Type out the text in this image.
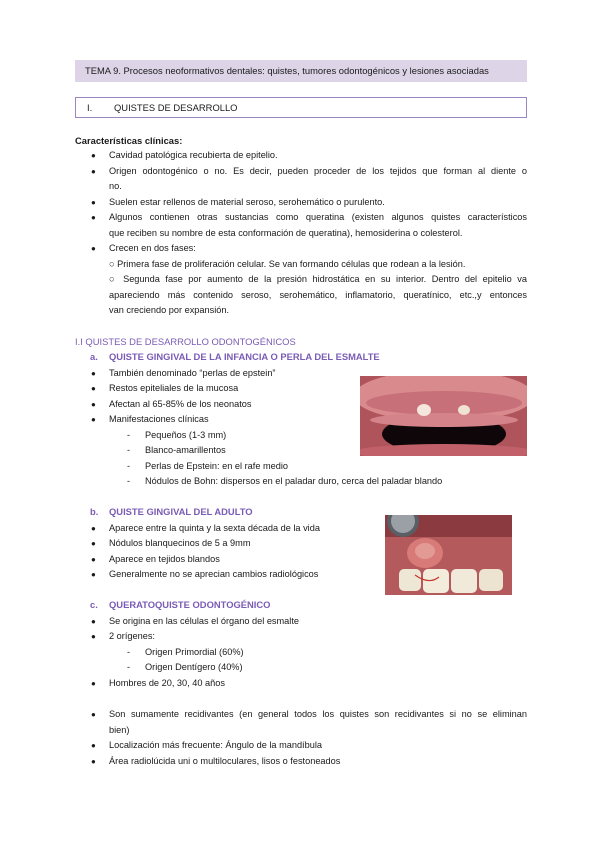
TEMA 9. Procesos neoformativos dentales: quistes, tumores odontogénicos y lesiones asociadas
I. QUISTES DE DESARROLLO
Características clínicas:
● Cavidad patológica recubierta de epitelio.
● Origen odontogénico o no. Es decir, pueden proceder de los tejidos que forman al diente o
no.
● Suelen estar rellenos de material seroso, serohemático o purulento.
● Algunos contienen otras sustancias como queratina (existen algunos quistes característicos
que reciben su nombre de esta conformación de queratina), hemosiderina o colesterol.
● Crecen en dos fases:
○ Primera fase de proliferación celular. Se van formando células que rodean a la lesión.
○ Segunda fase por aumento de la presión hidrostática en su interior. Dentro del epitelio va
apareciendo más contenido seroso, serohemático, inflamatorio, queratínico, etc.,y entonces
van creciendo por expansión.
I.I QUISTES DE DESARROLLO ODONTOGÉNICOS
a. QUISTE GINGIVAL DE LA INFANCIA O PERLA DEL ESMALTE
● También denominado “perlas de epstein”
● Restos epiteliales de la mucosa
● Afectan al 65-85% de los neonatos
● Manifestaciones clínicas
- Pequeños (1-3 mm)
- Blanco-amarillentos
- Perlas de Epstein: en el rafe medio
- Nódulos de Bohn: dispersos en el paladar duro, cerca del paladar blando
b. QUISTE GINGIVAL DEL ADULTO
● Aparece entre la quinta y la sexta década de la vida
● Nódulos blanquecinos de 5 a 9mm
● Aparece en tejidos blandos
● Generalmente no se aprecian cambios radiológicos
c. QUERATOQUISTE ODONTOGÉNICO
● Se origina en las células el órgano del esmalte
● 2 orígenes:
- Origen Primordial (60%)
- Origen Dentígero (40%)
● Hombres de 20, 30, 40 años
● Son sumamente recidivantes (en general todos los quistes son recidivantes si no se eliminan
bien)
● Localización más frecuente: Ángulo de la mandíbula
● Área radiolúcida uni o multiloculares, lisos o festoneados
